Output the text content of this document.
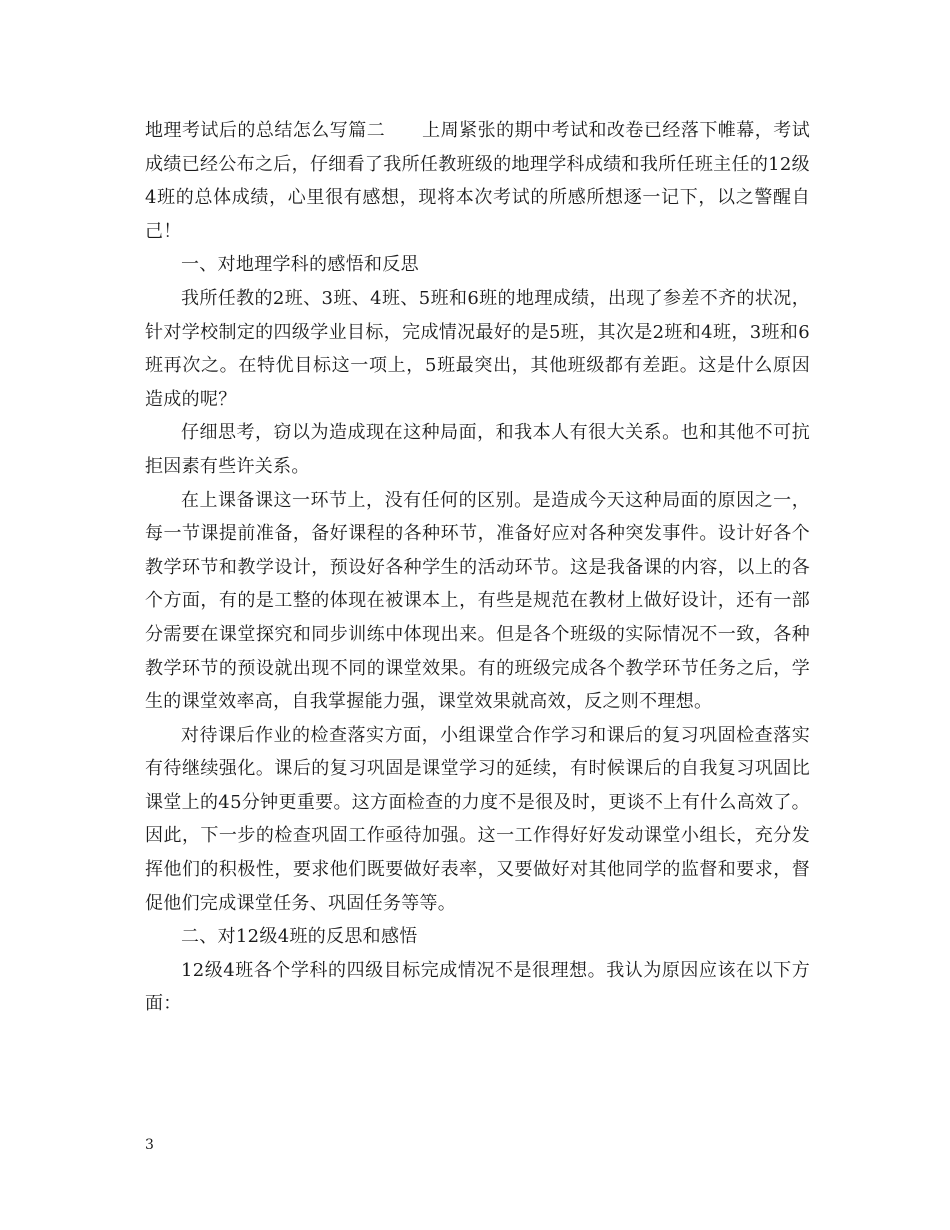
地理考试后的总结怎么写篇二　　上周紧张的期中考试和改卷已经落下帷幕，考试成绩已经公布之后，仔细看了我所任教班级的地理学科成绩和我所任班主任的12级4班的总体成绩，心里很有感想，现将本次考试的所感所想逐一记下，以之警醒自己！

一、对地理学科的感悟和反思

我所任教的2班、3班、4班、5班和6班的地理成绩，出现了参差不齐的状况，针对学校制定的四级学业目标，完成情况最好的是5班，其次是2班和4班，3班和6班再次之。在特优目标这一项上，5班最突出，其他班级都有差距。这是什么原因造成的呢？

仔细思考，窃以为造成现在这种局面，和我本人有很大关系。也和其他不可抗拒因素有些许关系。

在上课备课这一环节上，没有任何的区别。是造成今天这种局面的原因之一，每一节课提前准备，备好课程的各种环节，准备好应对各种突发事件。设计好各个教学环节和教学设计，预设好各种学生的活动环节。这是我备课的内容，以上的各个方面，有的是工整的体现在被课本上，有些是规范在教材上做好设计，还有一部分需要在课堂探究和同步训练中体现出来。但是各个班级的实际情况不一致，各种教学环节的预设就出现不同的课堂效果。有的班级完成各个教学环节任务之后，学生的课堂效率高，自我掌握能力强，课堂效果就高效，反之则不理想。

对待课后作业的检查落实方面，小组课堂合作学习和课后的复习巩固检查落实有待继续强化。课后的复习巩固是课堂学习的延续，有时候课后的自我复习巩固比课堂上的45分钟更重要。这方面检查的力度不是很及时，更谈不上有什么高效了。因此，下一步的检查巩固工作亟待加强。这一工作得好好发动课堂小组长，充分发挥他们的积极性，要求他们既要做好表率，又要做好对其他同学的监督和要求，督促他们完成课堂任务、巩固任务等等。

二、对12级4班的反思和感悟

12级4班各个学科的四级目标完成情况不是很理想。我认为原因应该在以下方面：

3
